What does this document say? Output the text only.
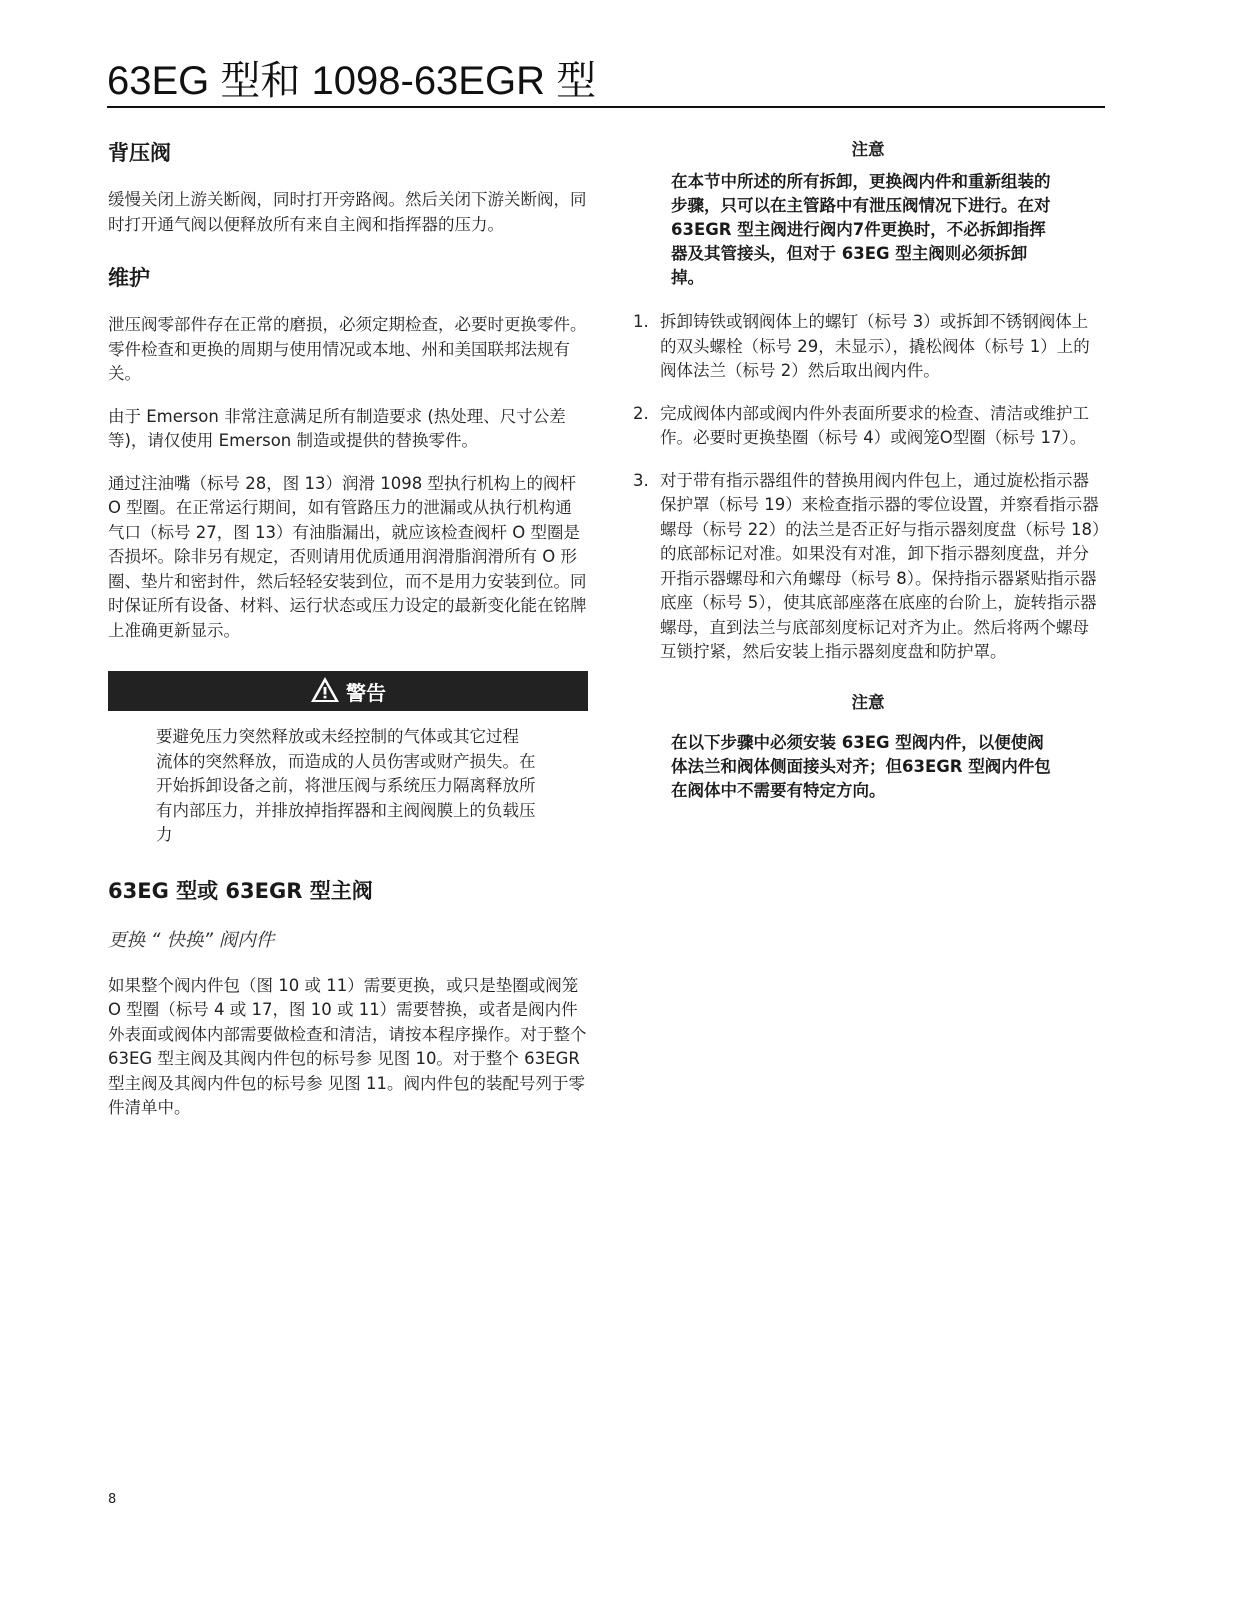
63EG 型和 1098-63EGR 型
背压阀

缓慢关闭上游关断阀，同时打开旁路阀。然后关闭下游关断阀，同时打开通气阀以便释放所有来自主阀和指挥器的压力。

维护

泄压阀零部件存在正常的磨损，必须定期检查，必要时更换零件。零件检查和更换的周期与使用情况或本地、州和美国联邦法规有关。

由于 Emerson 非常注意满足所有制造要求 (热处理、尺寸公差等)，请仅使用 Emerson 制造或提供的替换零件。

通过注油嘴（标号 28，图 13）润滑 1098 型执行机构上的阀杆 O 型圈。在正常运行期间，如有管路压力的泄漏或从执行机构通气口（标号 27，图 13）有油脂漏出，就应该检查阀杆 O 型圈是否损坏。除非另有规定，否则请用优质通用润滑脂润滑所有 O 形圈、垫片和密封件，然后轻轻安装到位，而不是用力安装到位。同时保证所有设备、材料、运行状态或压力设定的最新变化能在铭牌上准确更新显示。

警告
要避免压力突然释放或未经控制的气体或其它过程 流体的突然释放，而造成的人员伤害或财产损失。在 开始拆卸设备之前，将泄压阀与系统压力隔离释放所有内部压力，并排放掉指挥器和主阀阀膜上的负载压力
63EG 型或 63EGR 型主阀
更换 “ 快换” 阀内件

如果整个阀内件包（图 10 或 11）需要更换，或只是垫圈或阀笼 O 型圈（标号 4 或 17，图 10 或 11）需要替换，或者是阀内件外表面或阀体内部需要做检查和清洁，请按本程序操作。对于整个 63EG 型主阀及其阀内件包的标号参 见图 10。对于整个 63EGR 型主阀及其阀内件包的标号参 见图 11。阀内件包的装配号列于零件清单中。

注意
在本节中所述的所有拆卸，更换阀内件和重新组装的步骤，只可以在主管路中有泄压阀情况下进行。在对 63EGR 型主阀进行阀内7件更换时，不必拆卸指挥器及其管接头，但对于 63EG 型主阀则必须拆卸掉。
1. 拆卸铸铁或钢阀体上的螺钉（标号 3）或拆卸不锈钢阀体上的双头螺栓（标号 29，未显示），撬松阀体（标号 1）上的阀体法兰（标号 2）然后取出阀内件。
2. 完成阀体内部或阀内件外表面所要求的检查、清洁或维护工作。必要时更换垫圈（标号 4）或阀笼O型圈（标号 17）。
3. 对于带有指示器组件的替换用阀内件包上，通过旋松指示器保护罩（标号 19）来检查指示器的零位设置，并察看指示器螺母（标号 22）的法兰是否正好与指示器刻度盘（标号 18）的底部标记对准。如果没有对准，卸下指示器刻度盘，并分开指示器螺母和六角螺母（标号 8）。保持指示器紧贴指示器底座（标号 5），使其底部座落在底座的台阶上，旋转指示器螺母，直到法兰与底部刻度标记对齐为止。然后将两个螺母互锁拧紧，然后安装上指示器刻度盘和防护罩。
注意
在以下步骤中必须安装 63EG 型阀内件，以便使阀体法兰和阀体侧面接头对齐；但63EGR 型阀内件包在阀体中不需要有特定方向。
8
